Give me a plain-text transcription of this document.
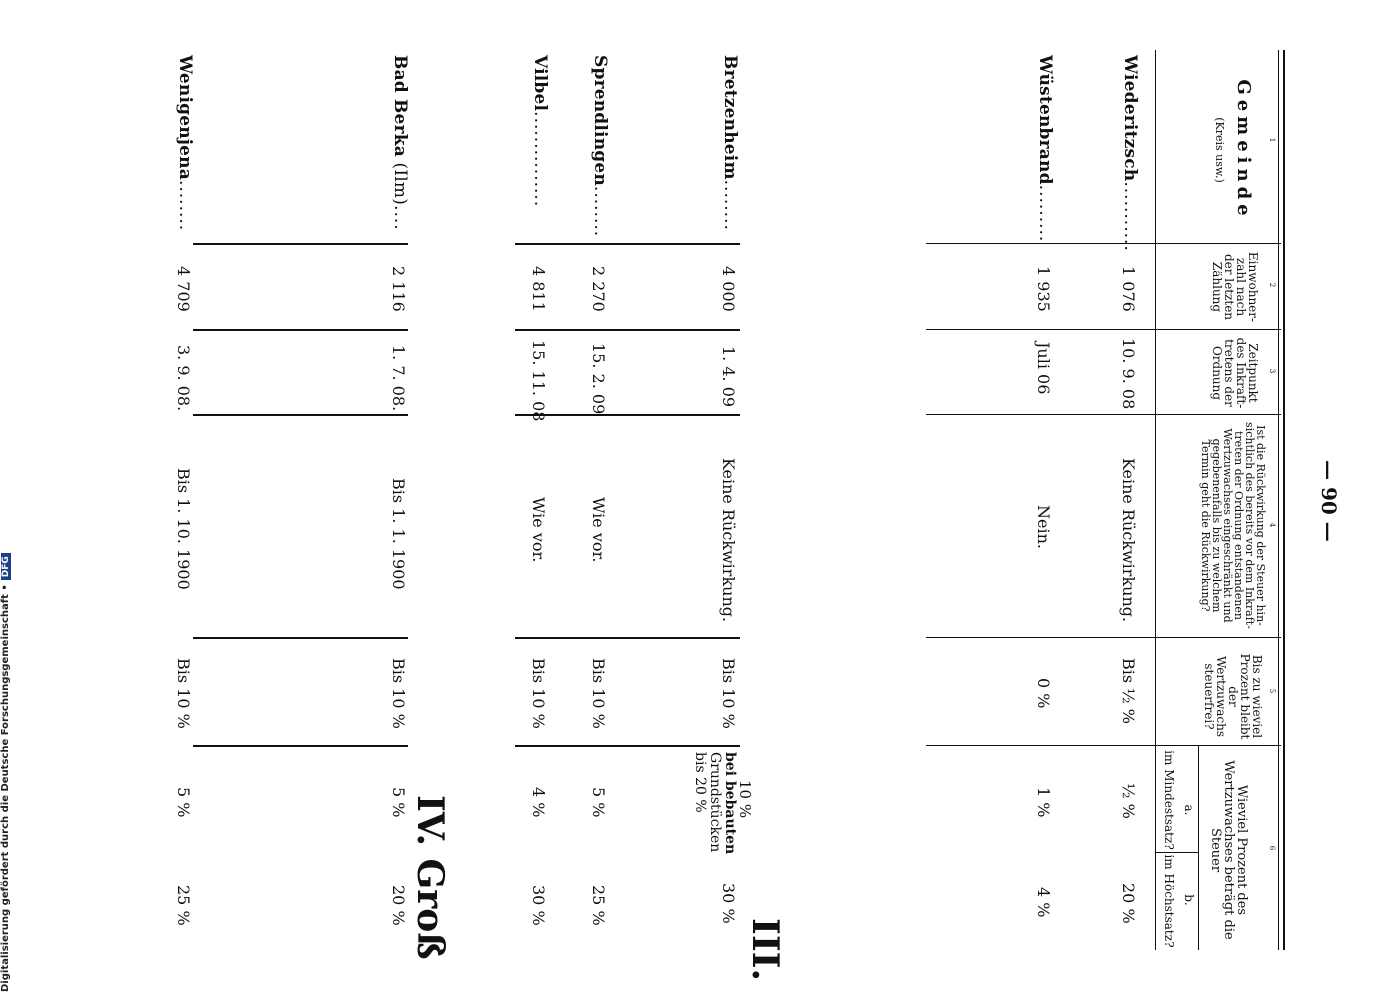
— 90 —
1
2
3
4
5
6
Gemeinde
(Kreis usw.)
Einwohner-zahl nach der letzten Zählung
Zeitpunkt des Inkraft-tretens der Ordnung
Ist die Rückwirkung der Steuer hin-sichtlich des bereits vor dem Inkraft-treten der Ordnung entstandenen Wertzuwachses eingeschränkt und gegebenenfalls bis zu welchem Termin geht die Rückwirkung?
Bis zu wieviel Prozent bleibt der Wertzuwachs steuerfrei?
Wieviel Prozent des Wertzuwachses beträgt die Steuer
a.
im Mindestsatz?
b.
im Höchstsatz?
Wiederitzsch...........
1 076
10. 9. 08
Keine Rückwirkung.
Bis ½ %
½ %
20 %
Wüstenbrand.........
1 935
Juli 06
Nein.
0 %
1 %
4 %
III.
Bretzenheim........
4 000
1. 4. 09
Keine Rückwirkung.
Bis 10 %
10 %
bei bebauten
Grundstücken
bis 20 %
30 %
Sprendlingen........
2 270
15. 2. 09
Wie vor.
Bis 10 %
5 %
25 %
Vilbel...............
4 811
15. 11. 08
Wie vor.
Bis 10 %
4 %
30 %
IV. Groß
Bad Berka (Ilm)....
2 116
1. 7. 08.
Bis 1. 1. 1900
Bis 10 %
5 %
20 %
Wenigenjena........
4 709
3. 9. 08.
Bis 1. 10. 1900
Bis 10 %
5 %
25 %
Digitalisierung gefördert durch die Deutsche Forschungsgemeinschaft •DFG
